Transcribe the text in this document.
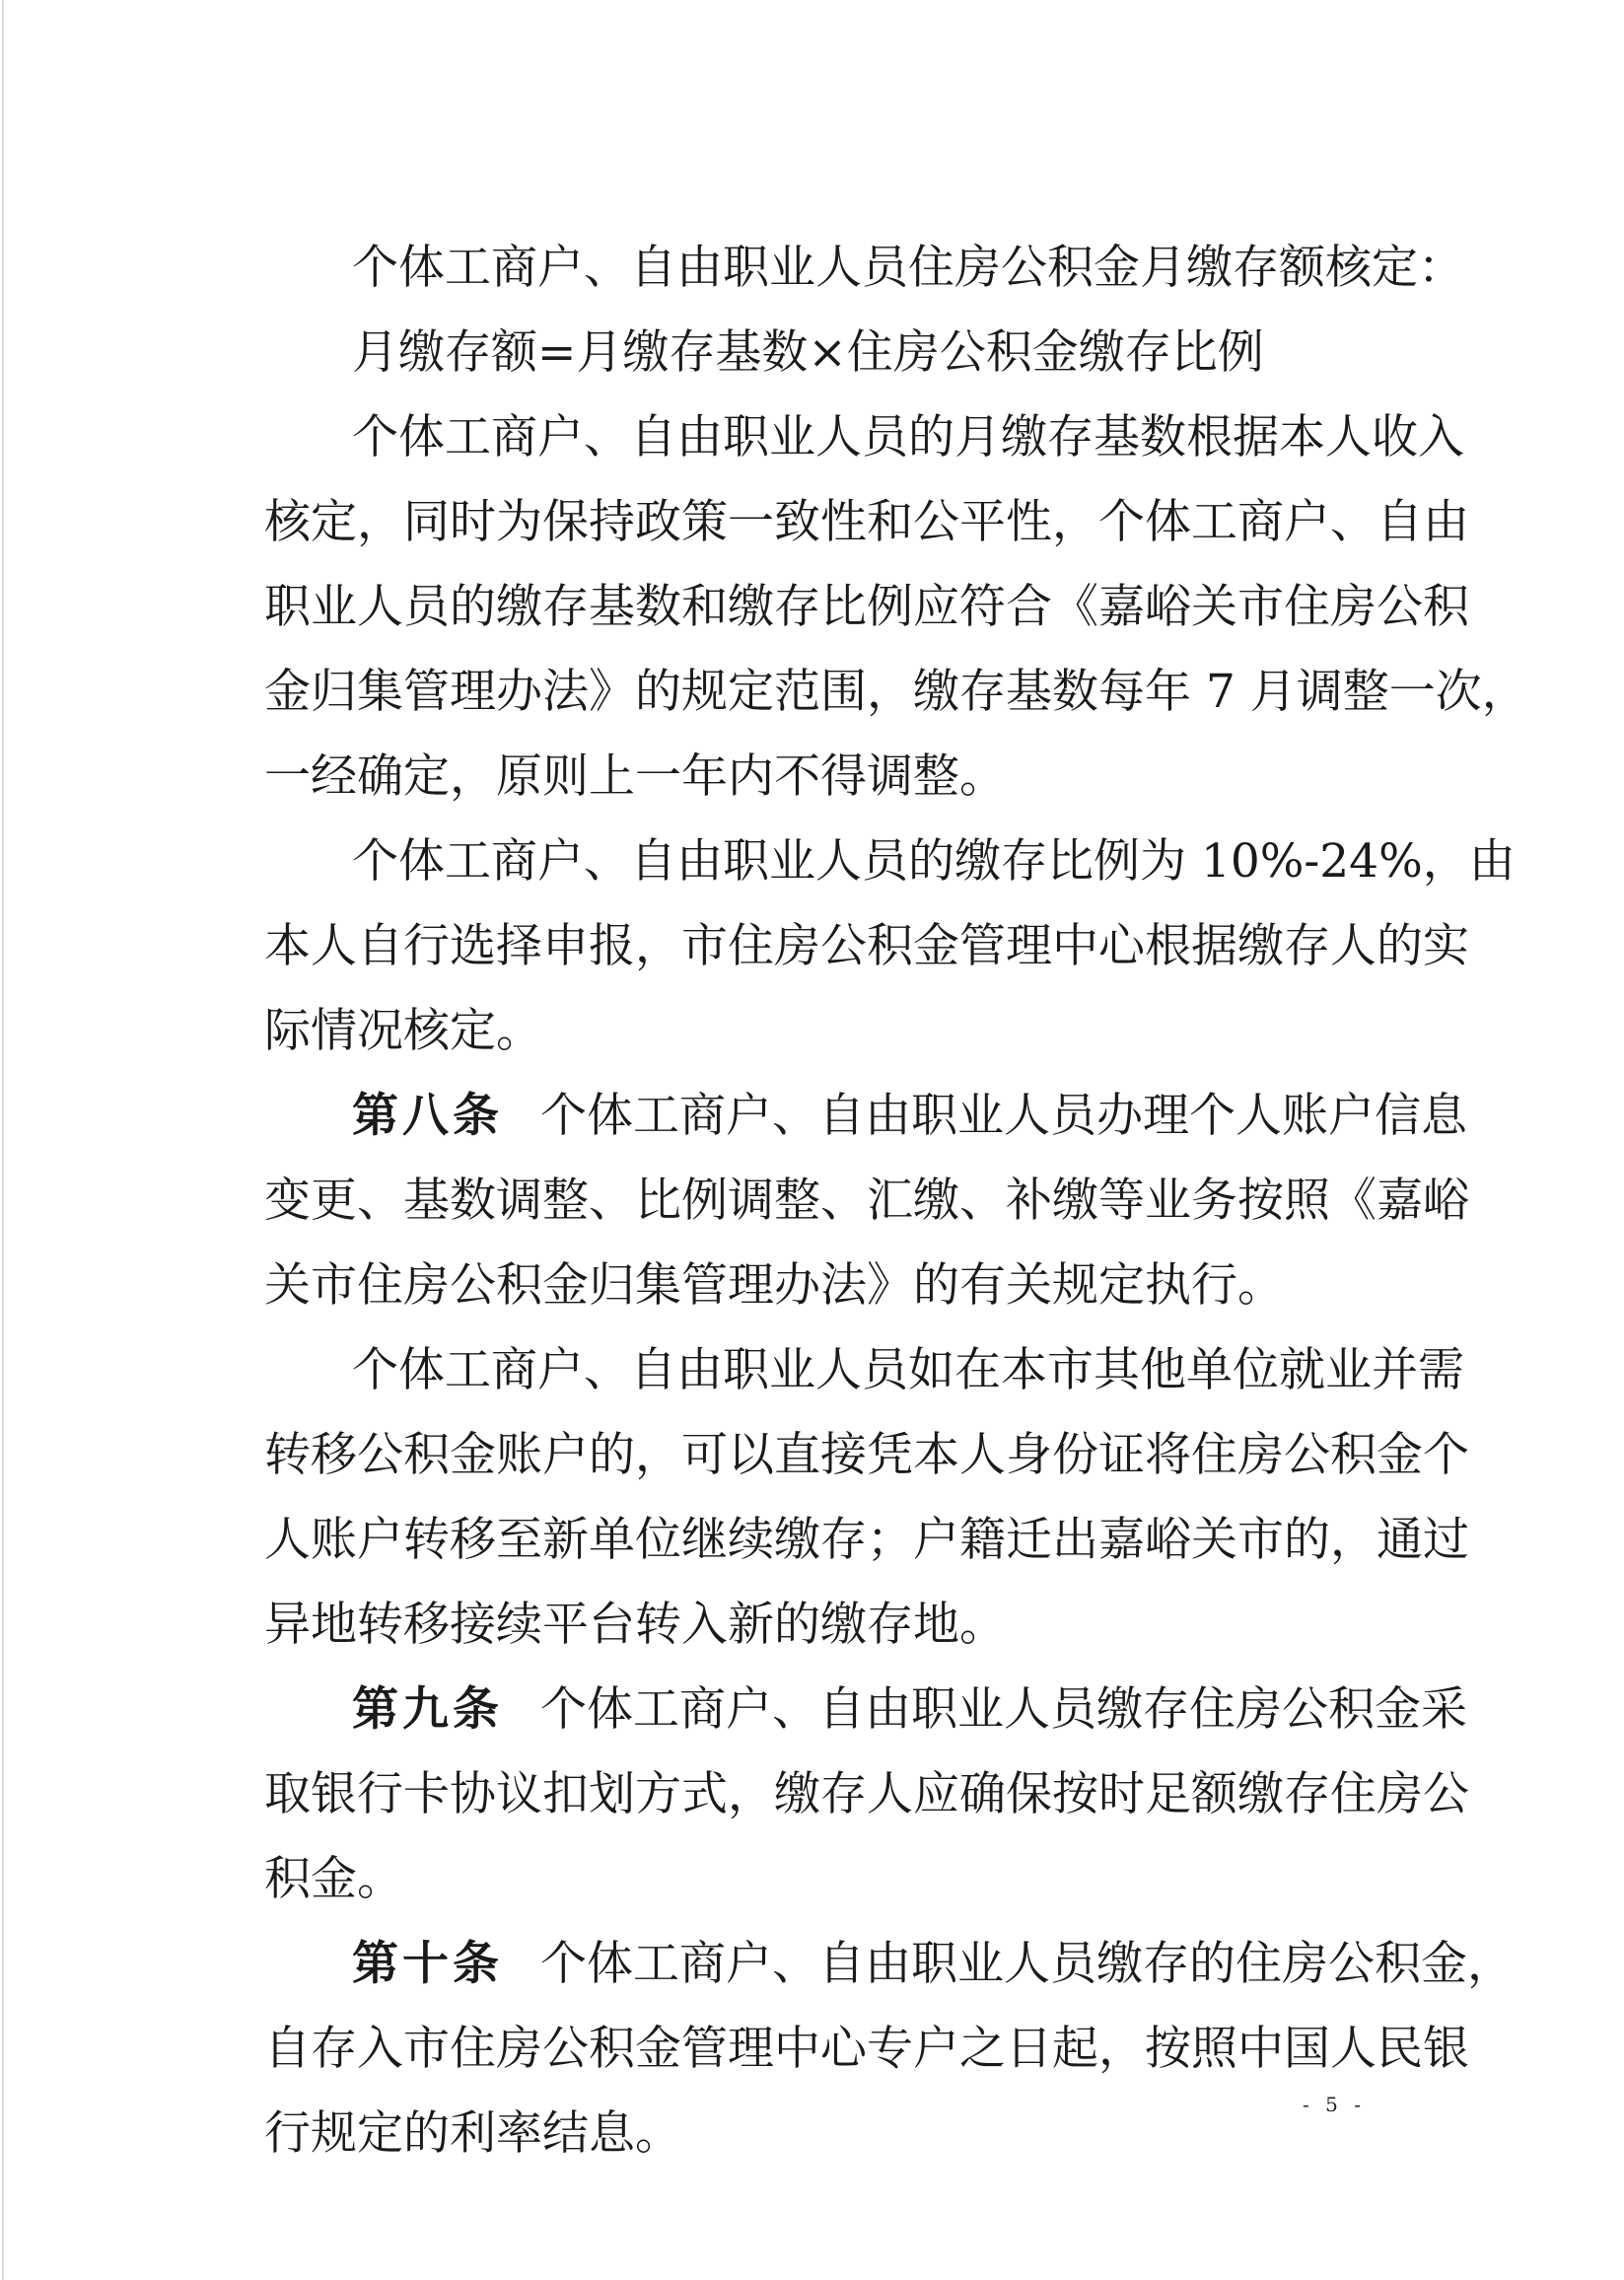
个体工商户、自由职业人员住房公积金月缴存额核定：
月缴存额=月缴存基数×住房公积金缴存比例
个体工商户、自由职业人员的月缴存基数根据本人收入
核定，同时为保持政策一致性和公平性，个体工商户、自由
职业人员的缴存基数和缴存比例应符合《嘉峪关市住房公积
金归集管理办法》的规定范围，缴存基数每年 7 月调整一次，
一经确定，原则上一年内不得调整。
个体工商户、自由职业人员的缴存比例为 10%-24%，由
本人自行选择申报，市住房公积金管理中心根据缴存人的实
际情况核定。
第八条 个体工商户、自由职业人员办理个人账户信息
变更、基数调整、比例调整、汇缴、补缴等业务按照《嘉峪
关市住房公积金归集管理办法》的有关规定执行。
个体工商户、自由职业人员如在本市其他单位就业并需
转移公积金账户的，可以直接凭本人身份证将住房公积金个
人账户转移至新单位继续缴存；户籍迁出嘉峪关市的，通过
异地转移接续平台转入新的缴存地。
第九条 个体工商户、自由职业人员缴存住房公积金采
取银行卡协议扣划方式，缴存人应确保按时足额缴存住房公
积金。
第十条 个体工商户、自由职业人员缴存的住房公积金，
自存入市住房公积金管理中心专户之日起，按照中国人民银
行规定的利率结息。
- 5 -
